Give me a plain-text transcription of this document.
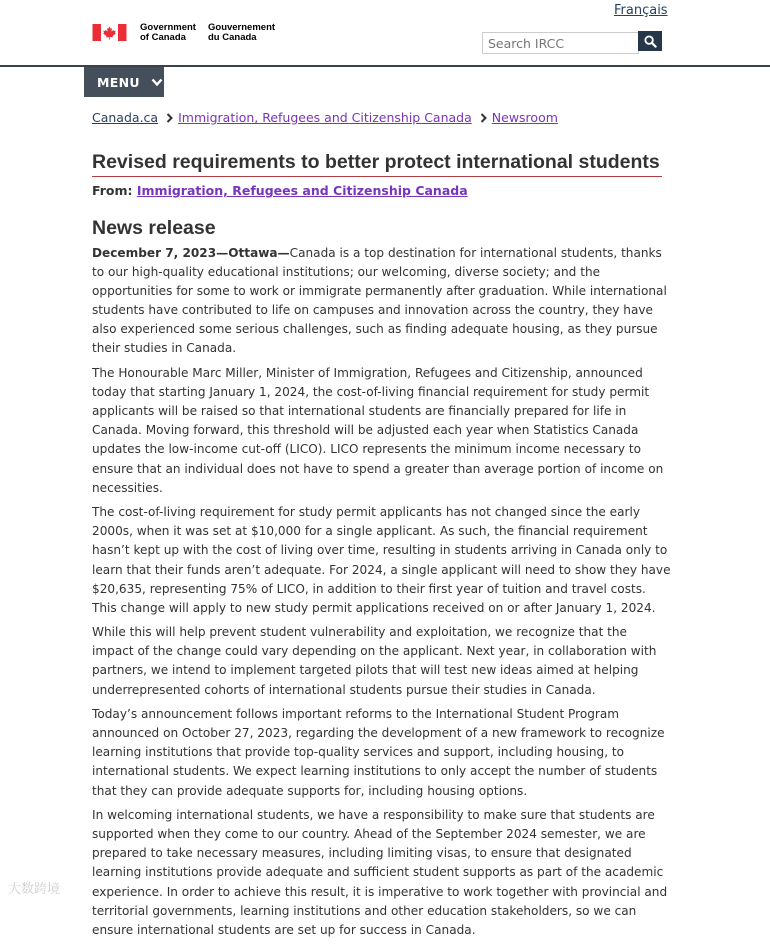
Français
Government
of Canada
Gouvernement
du Canada
Search IRCC
MENU
Canada.ca Immigration, Refugees and Citizenship Canada Newsroom
Revised requirements to better protect international students
From: Immigration, Refugees and Citizenship Canada
News release

December 7, 2023—Ottawa—Canada is a top destination for international students, thanks to our high-quality educational institutions; our welcoming, diverse society; and the opportunities for some to work or immigrate permanently after graduation. While international students have contributed to life on campuses and innovation across the country, they have also experienced some serious challenges, such as finding adequate housing, as they pursue their studies in Canada.

The Honourable Marc Miller, Minister of Immigration, Refugees and Citizenship, announced today that starting January 1, 2024, the cost-of-living financial requirement for study permit applicants will be raised so that international students are financially prepared for life in Canada. Moving forward, this threshold will be adjusted each year when Statistics Canada updates the low-income cut-off (LICO). LICO represents the minimum income necessary to ensure that an individual does not have to spend a greater than average portion of income on necessities.

The cost-of-living requirement for study permit applicants has not changed since the early 2000s, when it was set at $10,000 for a single applicant. As such, the financial requirement hasn’t kept up with the cost of living over time, resulting in students arriving in Canada only to learn that their funds aren’t adequate. For 2024, a single applicant will need to show they have $20,635, representing 75% of LICO, in addition to their first year of tuition and travel costs. This change will apply to new study permit applications received on or after January 1, 2024.

While this will help prevent student vulnerability and exploitation, we recognize that the impact of the change could vary depending on the applicant. Next year, in collaboration with partners, we intend to implement targeted pilots that will test new ideas aimed at helping underrepresented cohorts of international students pursue their studies in Canada.

Today’s announcement follows important reforms to the International Student Program announced on October 27, 2023, regarding the development of a new framework to recognize learning institutions that provide top-quality services and support, including housing, to international students. We expect learning institutions to only accept the number of students that they can provide adequate supports for, including housing options.

In welcoming international students, we have a responsibility to make sure that students are supported when they come to our country. Ahead of the September 2024 semester, we are prepared to take necessary measures, including limiting visas, to ensure that designated learning institutions provide adequate and sufficient student supports as part of the academic experience. In order to achieve this result, it is imperative to work together with provincial and territorial governments, learning institutions and other education stakeholders, so we can ensure international students are set up for success in Canada.

大数跨境
